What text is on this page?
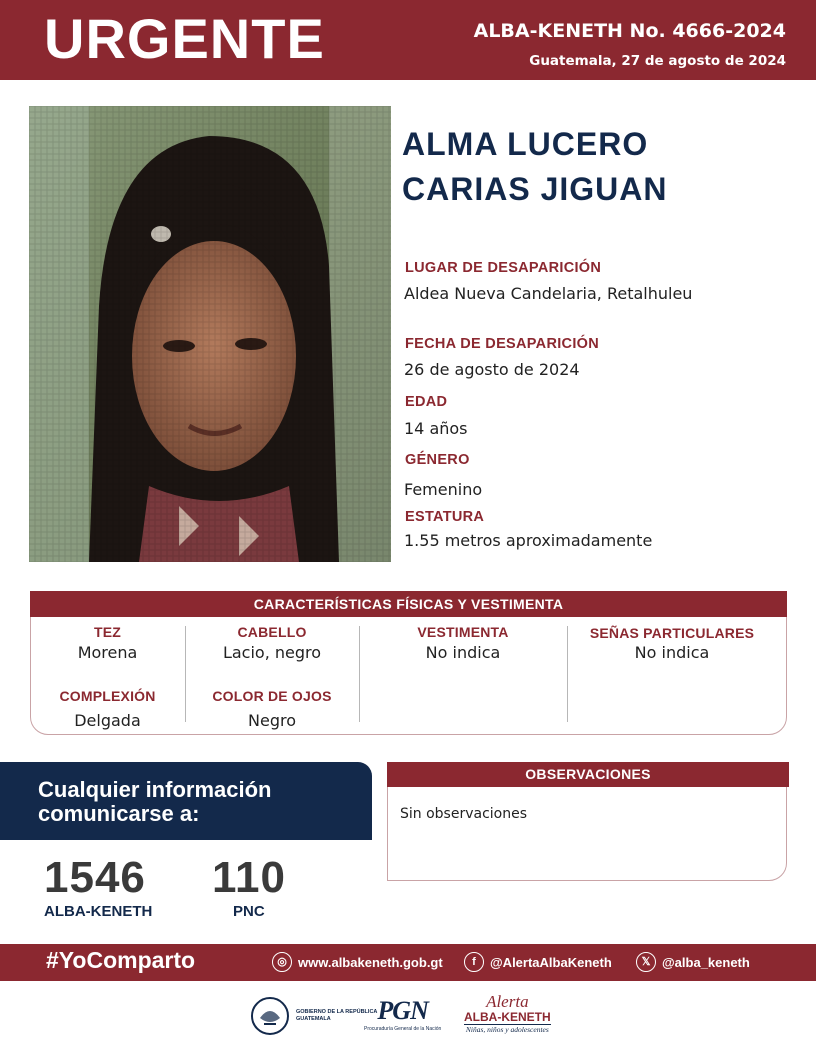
URGENTE	ALBA-KENETH No. 4666-2024
Guatemala, 27 de agosto de 2024
ALMA LUCERO
CARIAS JIGUAN
LUGAR DE DESAPARICIÓN
Aldea Nueva Candelaria, Retalhuleu
FECHA DE DESAPARICIÓN
26 de agosto de 2024
EDAD
14 años
GÉNERO
Femenino
ESTATURA
1.55 metros aproximadamente
CARACTERÍSTICAS FÍSICAS Y VESTIMENTA
TEZ
Morena
CABELLO
Lacio, negro
VESTIMENTA
No indica
SEÑAS PARTICULARES
No indica
COMPLEXIÓN
Delgada
COLOR DE OJOS
Negro
Cualquier información
comunicarse a:
1546
ALBA-KENETH
110
PNC
OBSERVACIONES
Sin observaciones
#YoComparto	◎ www.albakeneth.gob.gt	f	@AlertaAlbaKeneth	𝕏 @alba_keneth
GOBIERNO DE LA REPÚBLICA
GUATEMALA	PGN
Procuraduría General de la Nación
Alerta
ALBA-KENETH
Niñas, niños y adolescentes
